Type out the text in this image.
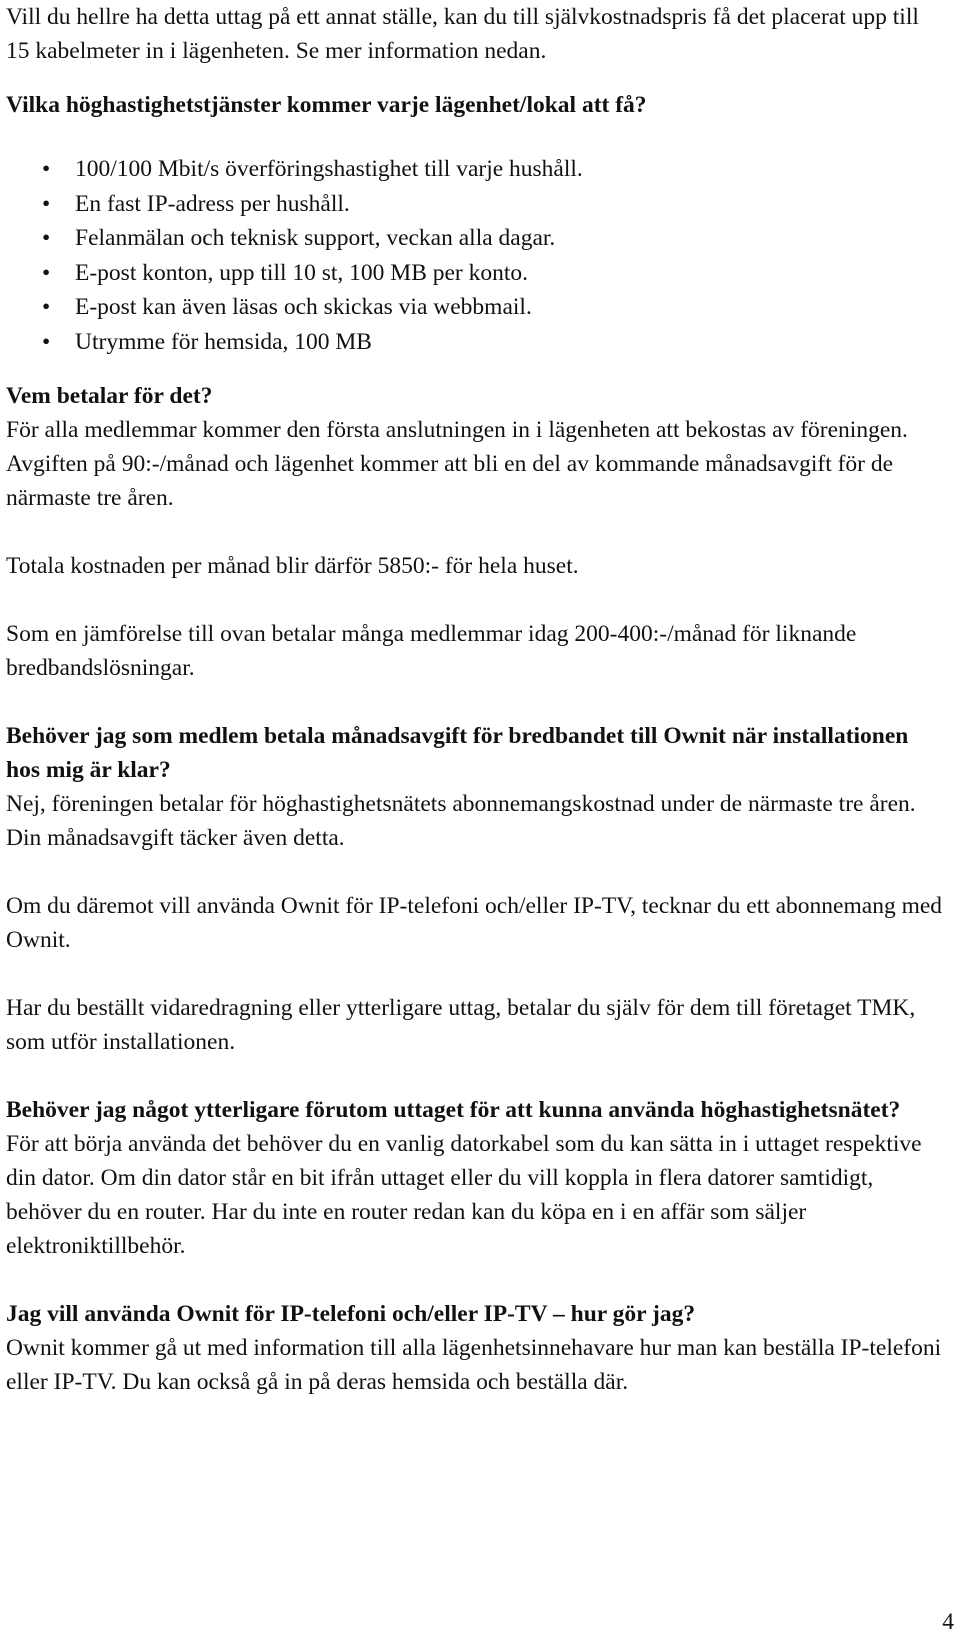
Vill du hellre ha detta uttag på ett annat ställe, kan du till självkostnadspris få det placerat upp till 15 kabelmeter in i lägenheten. Se mer information nedan.

Vilka höghastighetstjänster kommer varje lägenhet/lokal att få?

• 100/100 Mbit/s överföringshastighet till varje hushåll.
• En fast IP-adress per hushåll.
• Felanmälan och teknisk support, veckan alla dagar.
• E-post konton, upp till 10 st, 100 MB per konto.
• E-post kan även läsas och skickas via webbmail.
• Utrymme för hemsida, 100 MB

Vem betalar för det?

För alla medlemmar kommer den första anslutningen in i lägenheten att bekostas av föreningen. Avgiften på 90:-/månad och lägenhet kommer att bli en del av kommande månadsavgift för de närmaste tre åren.

Totala kostnaden per månad blir därför 5850:- för hela huset.

Som en jämförelse till ovan betalar många medlemmar idag 200-400:-/månad för liknande bredbandslösningar.

Behöver jag som medlem betala månadsavgift för bredbandet till Ownit när installationen hos mig är klar?

Nej, föreningen betalar för höghastighetsnätets abonnemangskostnad under de närmaste tre åren. Din månadsavgift täcker även detta.

Om du däremot vill använda Ownit för IP-telefoni och/eller IP-TV, tecknar du ett abonnemang med Ownit.

Har du beställt vidaredragning eller ytterligare uttag, betalar du själv för dem till företaget TMK, som utför installationen.

Behöver jag något ytterligare förutom uttaget för att kunna använda höghastighetsnätet?

För att börja använda det behöver du en vanlig datorkabel som du kan sätta in i uttaget respektive din dator. Om din dator står en bit ifrån uttaget eller du vill koppla in flera datorer samtidigt, behöver du en router. Har du inte en router redan kan du köpa en i en affär som säljer elektroniktillbehör.

Jag vill använda Ownit för IP-telefoni och/eller IP-TV – hur gör jag?

Ownit kommer gå ut med information till alla lägenhetsinnehavare hur man kan beställa IP-telefoni eller IP-TV. Du kan också gå in på deras hemsida och beställa där.

4
